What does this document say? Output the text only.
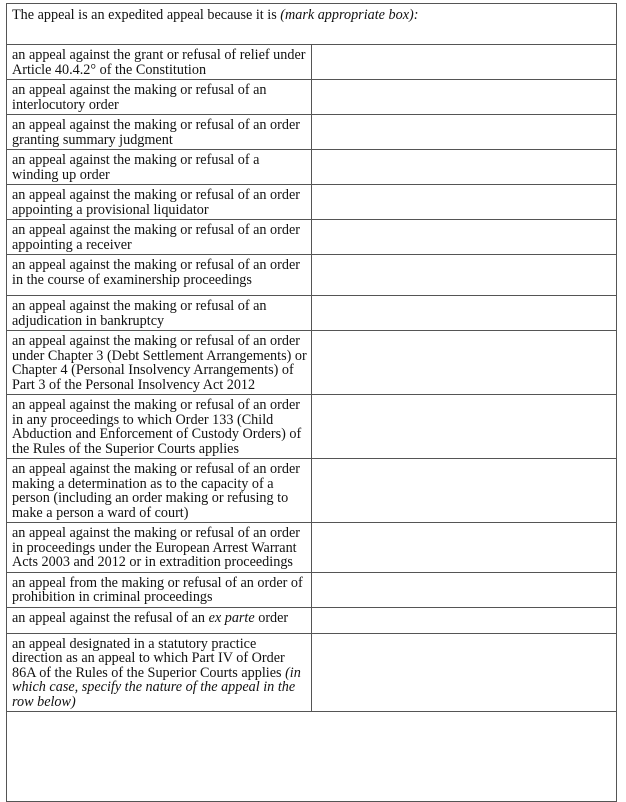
The appeal is an expedited appeal because it is (mark appropriate box):	
an appeal against the grant or refusal of relief under Article 40.4.2° of the Constitution	
an appeal against the making or refusal of an interlocutory order	
an appeal against the making or refusal of an order granting summary judgment	
an appeal against the making or refusal of a winding up order	
an appeal against the making or refusal of an order appointing a provisional liquidator	
an appeal against the making or refusal of an order appointing a receiver	
an appeal against the making or refusal of an order in the course of examinership proceedings	
an appeal against the making or refusal of an adjudication in bankruptcy	
an appeal against the making or refusal of an order under Chapter 3 (Debt Settlement Arrangements) or Chapter 4 (Personal Insolvency Arrangements) of Part 3 of the Personal Insolvency Act 2012	
an appeal against the making or refusal of an order in any proceedings to which Order 133 (Child Abduction and Enforcement of Custody Orders) of the Rules of the Superior Courts applies	
an appeal against the making or refusal of an order making a determination as to the capacity of a person (including an order making or refusing to make a person a ward of court)	
an appeal against the making or refusal of an order in proceedings under the European Arrest Warrant Acts 2003 and 2012 or in extradition proceedings	
an appeal from the making or refusal of an order of prohibition in criminal proceedings	
an appeal against the refusal of an ex parte order	
an appeal designated in a statutory practice direction as an appeal to which Part IV of Order 86A of the Rules of the Superior Courts applies (in which case, specify the nature of the appeal in the row below)	
